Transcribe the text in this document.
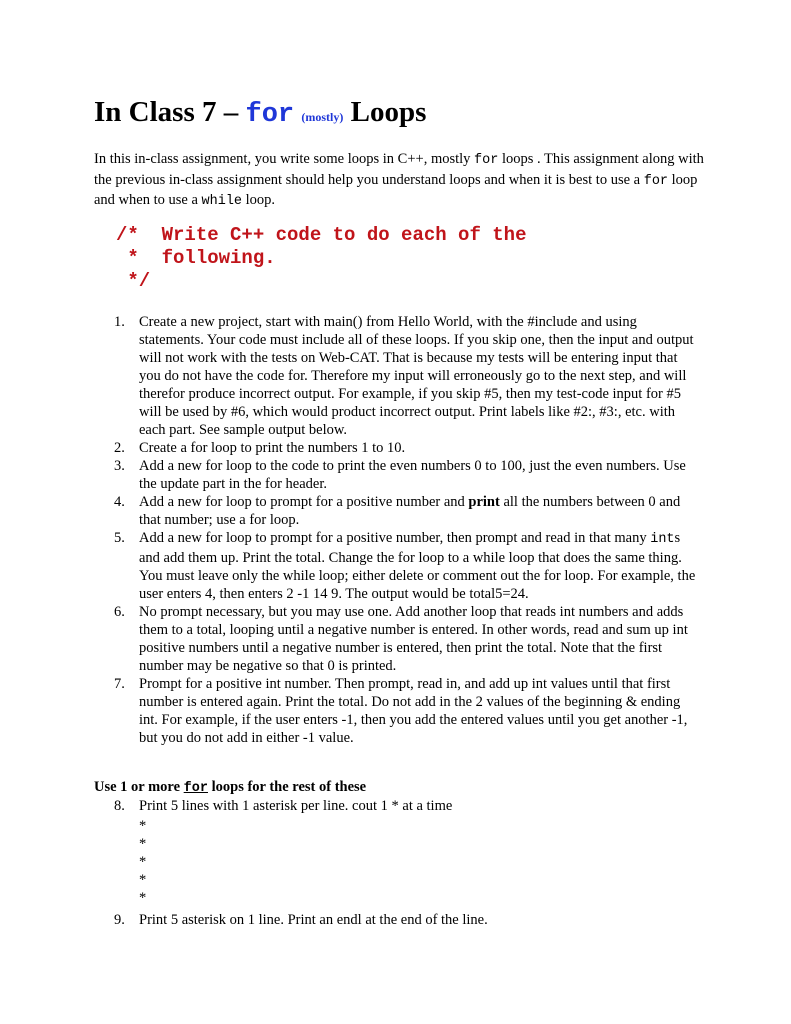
In Class 7 – for (mostly) Loops
In this in-class assignment, you write some loops in C++, mostly for loops . This assignment along with the previous in-class assignment should help you understand loops and when it is best to use a for loop and when to use a while loop.
/*  Write C++ code to do each of the
*  following.
*/
1. Create a new project, start with main() from Hello World, with the #include and using statements. Your code must include all of these loops. If you skip one, then the input and output will not work with the tests on Web-CAT. That is because my tests will be entering input that you do not have the code for. Therefore my input will erroneously go to the next step, and will therefor produce incorrect output. For example, if you skip #5, then my test-code input for #5 will be used by #6, which would product incorrect output. Print labels like #2:, #3:, etc. with each part. See sample output below.
2. Create a for loop to print the numbers 1 to 10.
3. Add a new for loop to the code to print the even numbers 0 to 100, just the even numbers. Use the update part in the for header.
4. Add a new for loop to prompt for a positive number and print all the numbers between 0 and that number; use a for loop.
5. Add a new for loop to prompt for a positive number, then prompt and read in that many ints and add them up. Print the total. Change the for loop to a while loop that does the same thing. You must leave only the while loop; either delete or comment out the for loop. For example, the user enters 4, then enters 2 -1 14 9. The output would be total5=24.
6. No prompt necessary, but you may use one. Add another loop that reads int numbers and adds them to a total, looping until a negative number is entered. In other words, read and sum up int positive numbers until a negative number is entered, then print the total. Note that the first number may be negative so that 0 is printed.
7. Prompt for a positive int number. Then prompt, read in, and add up int values until that first number is entered again. Print the total. Do not add in the 2 values of the beginning & ending int. For example, if the user enters -1, then you add the entered values until you get another -1, but you do not add in either -1 value.
Use 1 or more for loops for the rest of these
8. Print 5 lines with 1 asterisk per line. cout 1 * at a time
*
*
*
*
*
9. Print 5 asterisk on 1 line. Print an endl at the end of the line.
